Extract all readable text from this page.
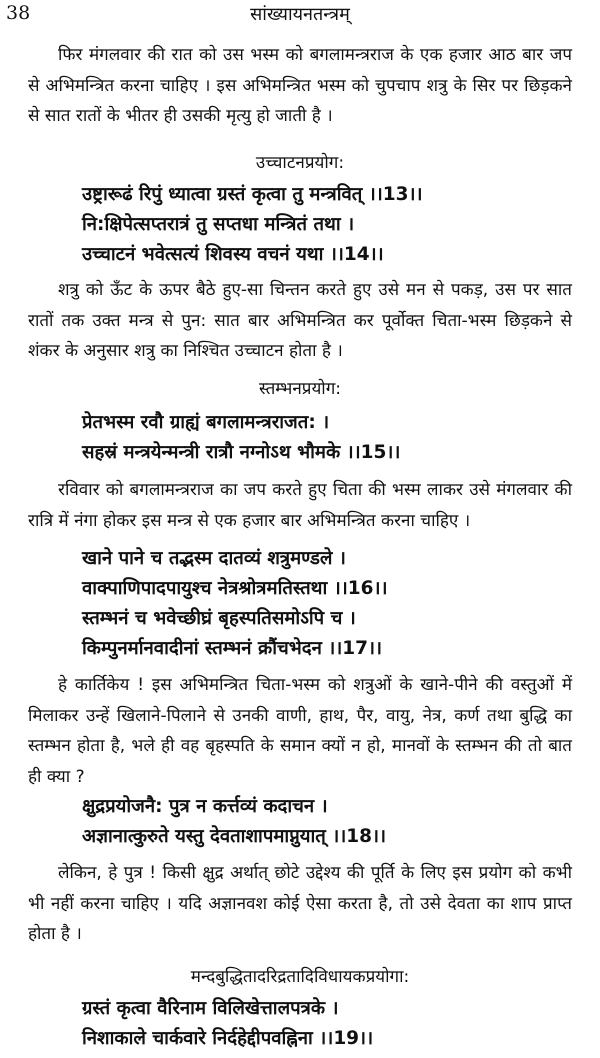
38	सांख्यायनतन्त्रम्

फिर मंगलवार की रात को उस भस्म को बगलामन्त्रराज के एक हजार आठ बार जप से अभिमन्त्रित करना चाहिए । इस अभिमन्त्रित भस्म को चुपचाप शत्रु के सिर पर छिड़कने से सात रातों के भीतर ही उसकी मृत्यु हो जाती है ।

उच्चाटनप्रयोग:

उष्ट्रारूढं रिपुं ध्यात्वा ग्रस्तं कृत्वा तु मन्त्रवित् ।।13।।

नि:क्षिपेत्सप्तरात्रं तु सप्तधा मन्त्रितं तथा ।

उच्चाटनं भवेत्सत्यं शिवस्य वचनं यथा ।।14।।

शत्रु को ऊँट के ऊपर बैठे हुए-सा चिन्तन करते हुए उसे मन से पकड़, उस पर सात रातों तक उक्त मन्त्र से पुन: सात बार अभिमन्त्रित कर पूर्वोक्त चिता-भस्म छिड़कने से शंकर के अनुसार शत्रु का निश्चित उच्चाटन होता है ।

स्तम्भनप्रयोग:

प्रेतभस्म रवौ ग्राह्यं बगलामन्त्रराजत: ।

सहस्रं मन्त्रयेन्मन्त्री रात्रौ नग्नोऽथ भौमके ।।15।।

रविवार को बगलामन्त्रराज का जप करते हुए चिता की भस्म लाकर उसे मंगलवार की रात्रि में नंगा होकर इस मन्त्र से एक हजार बार अभिमन्त्रित करना चाहिए ।

खाने पाने च तद्भस्म दातव्यं शत्रुमण्डले ।

वाक्पाणिपादपायुश्च नेत्रश्रोत्रमतिस्तथा ।।16।।

स्तम्भनं च भवेच्छीघ्रं बृहस्पतिसमोऽपि च ।

किम्पुनर्मानवादीनां स्तम्भनं क्रौंचभेदन ।।17।।

हे कार्तिकेय ! इस अभिमन्त्रित चिता-भस्म को शत्रुओं के खाने-पीने की वस्तुओं में मिलाकर उन्हें खिलाने-पिलाने से उनकी वाणी, हाथ, पैर, वायु, नेत्र, कर्ण तथा बुद्धि का स्तम्भन होता है, भले ही वह बृहस्पति के समान क्यों न हो, मानवों के स्तम्भन की तो बात ही क्या ?

क्षुद्रप्रयोजनै: पुत्र न कर्त्तव्यं कदाचन ।

अज्ञानात्कुरुते यस्तु देवताशापमाप्नुयात् ।।18।।

लेकिन, हे पुत्र ! किसी क्षुद्र अर्थात् छोटे उद्देश्य की पूर्ति के लिए इस प्रयोग को कभी भी नहीं करना चाहिए । यदि अज्ञानवश कोई ऐसा करता है, तो उसे देवता का शाप प्राप्त होता है ।

मन्दबुद्धितादरिद्रतादिविधायकप्रयोगा:

ग्रस्तं कृत्वा वैरिनाम विलिखेत्तालपत्रके ।

निशाकाले चार्कवारे निर्दहेद्दीपवह्निना ।।19।।
